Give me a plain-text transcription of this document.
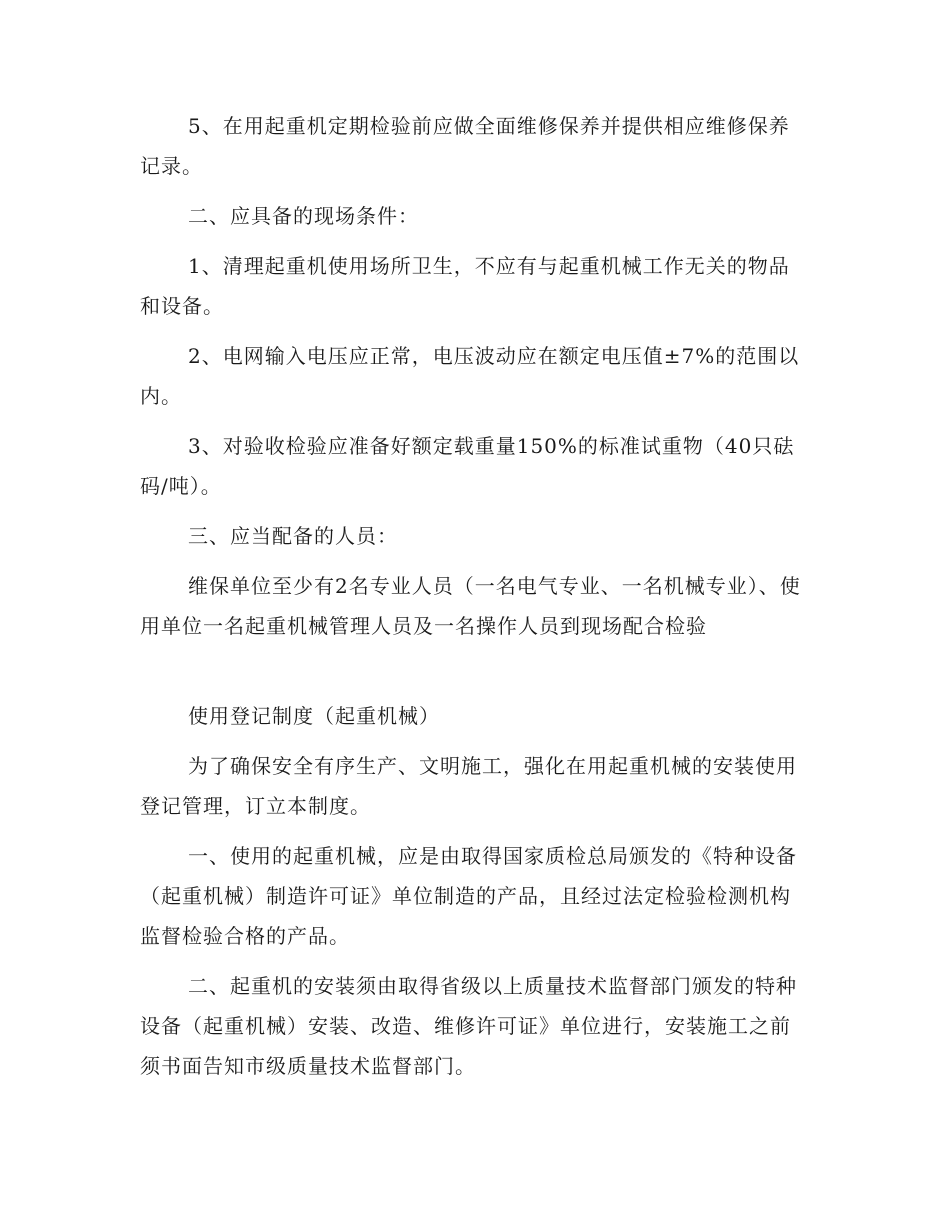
5、在用起重机定期检验前应做全面维修保养并提供相应维修保养记录。

二、应具备的现场条件：

1、清理起重机使用场所卫生，不应有与起重机械工作无关的物品和设备。

2、电网输入电压应正常，电压波动应在额定电压值±7%的范围以内。

3、对验收检验应准备好额定载重量150%的标准试重物（40只砝码/吨）。

三、应当配备的人员：

维保单位至少有2名专业人员（一名电气专业、一名机械专业）、使用单位一名起重机械管理人员及一名操作人员到现场配合检验

使用登记制度（起重机械）

为了确保安全有序生产、文明施工，强化在用起重机械的安装使用登记管理，订立本制度。

一、使用的起重机械，应是由取得国家质检总局颁发的《特种设备（起重机械）制造许可证》单位制造的产品，且经过法定检验检测机构监督检验合格的产品。

二、起重机的安装须由取得省级以上质量技术监督部门颁发的特种设备（起重机械）安装、改造、维修许可证》单位进行，安装施工之前须书面告知市级质量技术监督部门。
